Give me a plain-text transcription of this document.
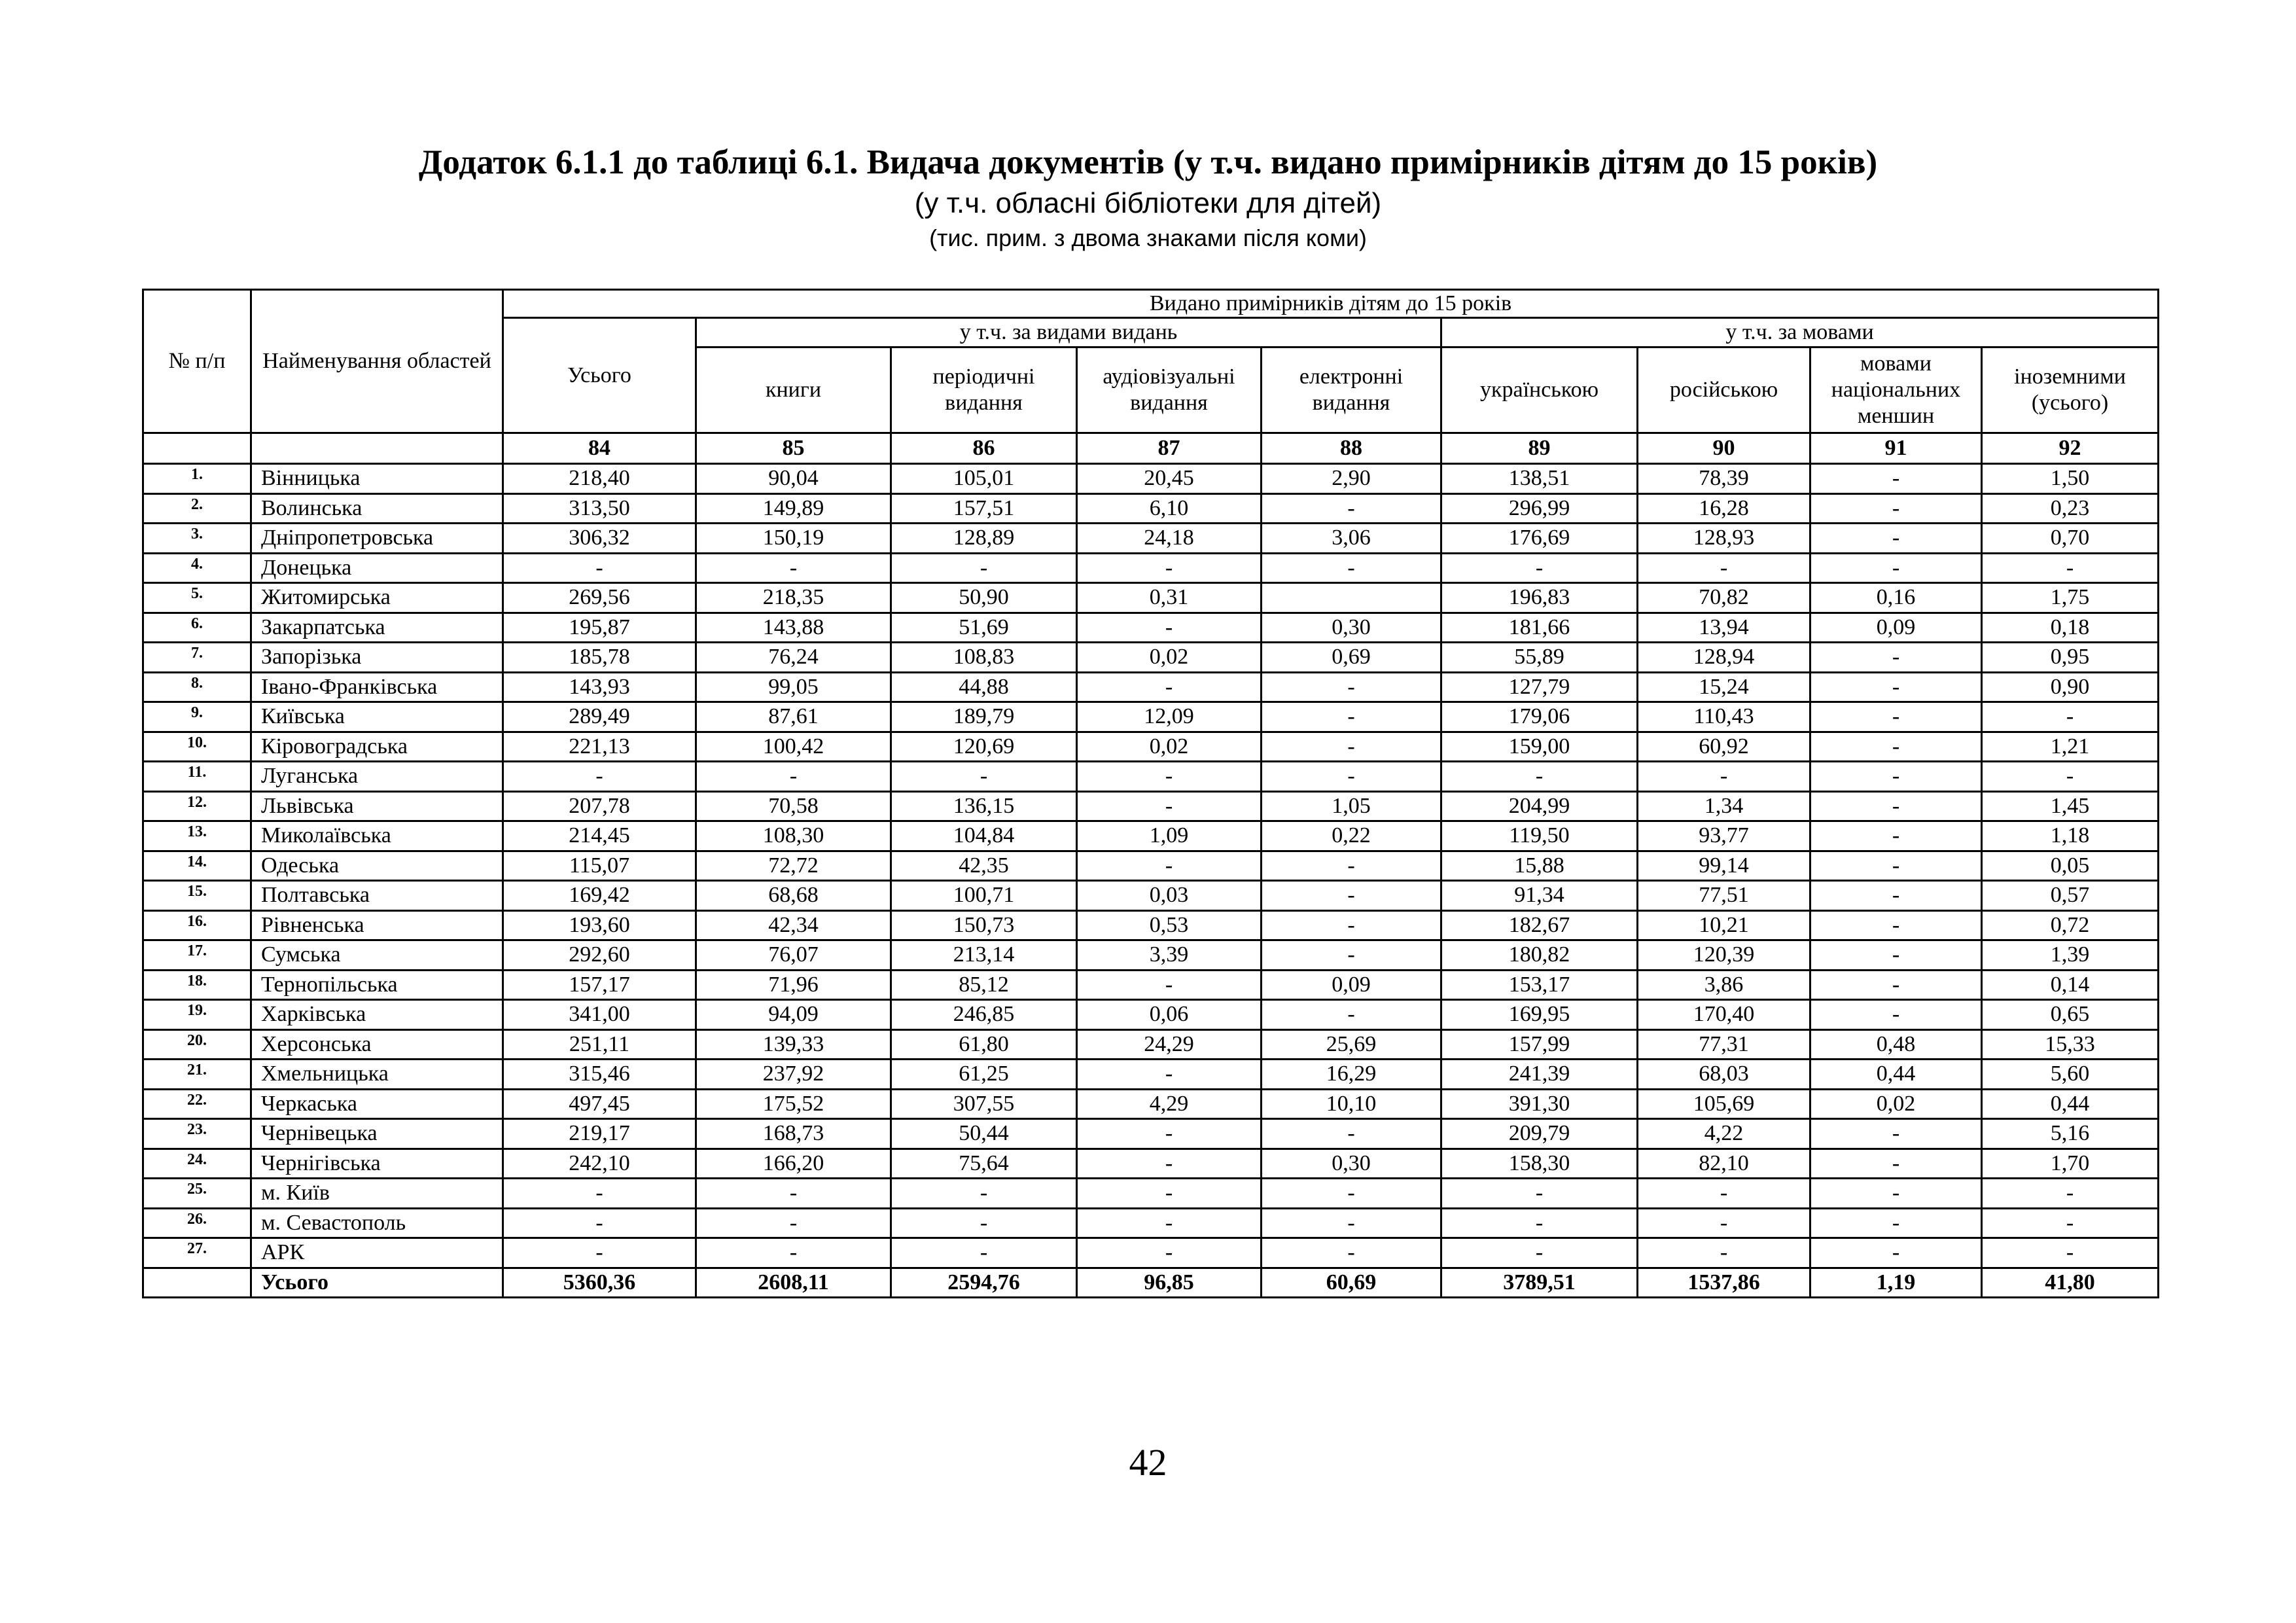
Додаток 6.1.1 до таблиці 6.1. Видача документів (у т.ч. видано примірників дітям до 15 років)
(у т.ч. обласні бібліотеки для дітей)
(тис. прим. з двома знаками після коми)
№ п/п	Найменування областей	Видано примірників дітям до 15 років								
		Усього	у т.ч. за видами видань				у т.ч. за мовами			
			книги	періодичні видання	аудіовізуальні видання	електронні видання	українською	російською	мовами національних меншин	іноземними (усього)
		84	85	86	87	88	89	90	91	92
1.	Вінницька	218,40	90,04	105,01	20,45	2,90	138,51	78,39	-	1,50
2.	Волинська	313,50	149,89	157,51	6,10	-	296,99	16,28	-	0,23
3.	Дніпропетровська	306,32	150,19	128,89	24,18	3,06	176,69	128,93	-	0,70
4.	Донецька	-	-	-	-	-	-	-	-	-
5.	Житомирська	269,56	218,35	50,90	0,31		196,83	70,82	0,16	1,75
6.	Закарпатська	195,87	143,88	51,69	-	0,30	181,66	13,94	0,09	0,18
7.	Запорізька	185,78	76,24	108,83	0,02	0,69	55,89	128,94	-	0,95
8.	Івано-Франківська	143,93	99,05	44,88	-	-	127,79	15,24	-	0,90
9.	Київська	289,49	87,61	189,79	12,09	-	179,06	110,43	-	-
10.	Кіровоградська	221,13	100,42	120,69	0,02	-	159,00	60,92	-	1,21
11.	Луганська	-	-	-	-	-	-	-	-	-
12.	Львівська	207,78	70,58	136,15	-	1,05	204,99	1,34	-	1,45
13.	Миколаївська	214,45	108,30	104,84	1,09	0,22	119,50	93,77	-	1,18
14.	Одеська	115,07	72,72	42,35	-	-	15,88	99,14	-	0,05
15.	Полтавська	169,42	68,68	100,71	0,03	-	91,34	77,51	-	0,57
16.	Рівненська	193,60	42,34	150,73	0,53	-	182,67	10,21	-	0,72
17.	Сумська	292,60	76,07	213,14	3,39	-	180,82	120,39	-	1,39
18.	Тернопільська	157,17	71,96	85,12	-	0,09	153,17	3,86	-	0,14
19.	Харківська	341,00	94,09	246,85	0,06	-	169,95	170,40	-	0,65
20.	Херсонська	251,11	139,33	61,80	24,29	25,69	157,99	77,31	0,48	15,33
21.	Хмельницька	315,46	237,92	61,25	-	16,29	241,39	68,03	0,44	5,60
22.	Черкаська	497,45	175,52	307,55	4,29	10,10	391,30	105,69	0,02	0,44
23.	Чернівецька	219,17	168,73	50,44	-	-	209,79	4,22	-	5,16
24.	Чернігівська	242,10	166,20	75,64	-	0,30	158,30	82,10	-	1,70
25.	м. Київ	-	-	-	-	-	-	-	-	-
26.	м. Севастополь	-	-	-	-	-	-	-	-	-
27.	АРК	-	-	-	-	-	-	-	-	-
	Усього	5360,36	2608,11	2594,76	96,85	60,69	3789,51	1537,86	1,19	41,80
42
